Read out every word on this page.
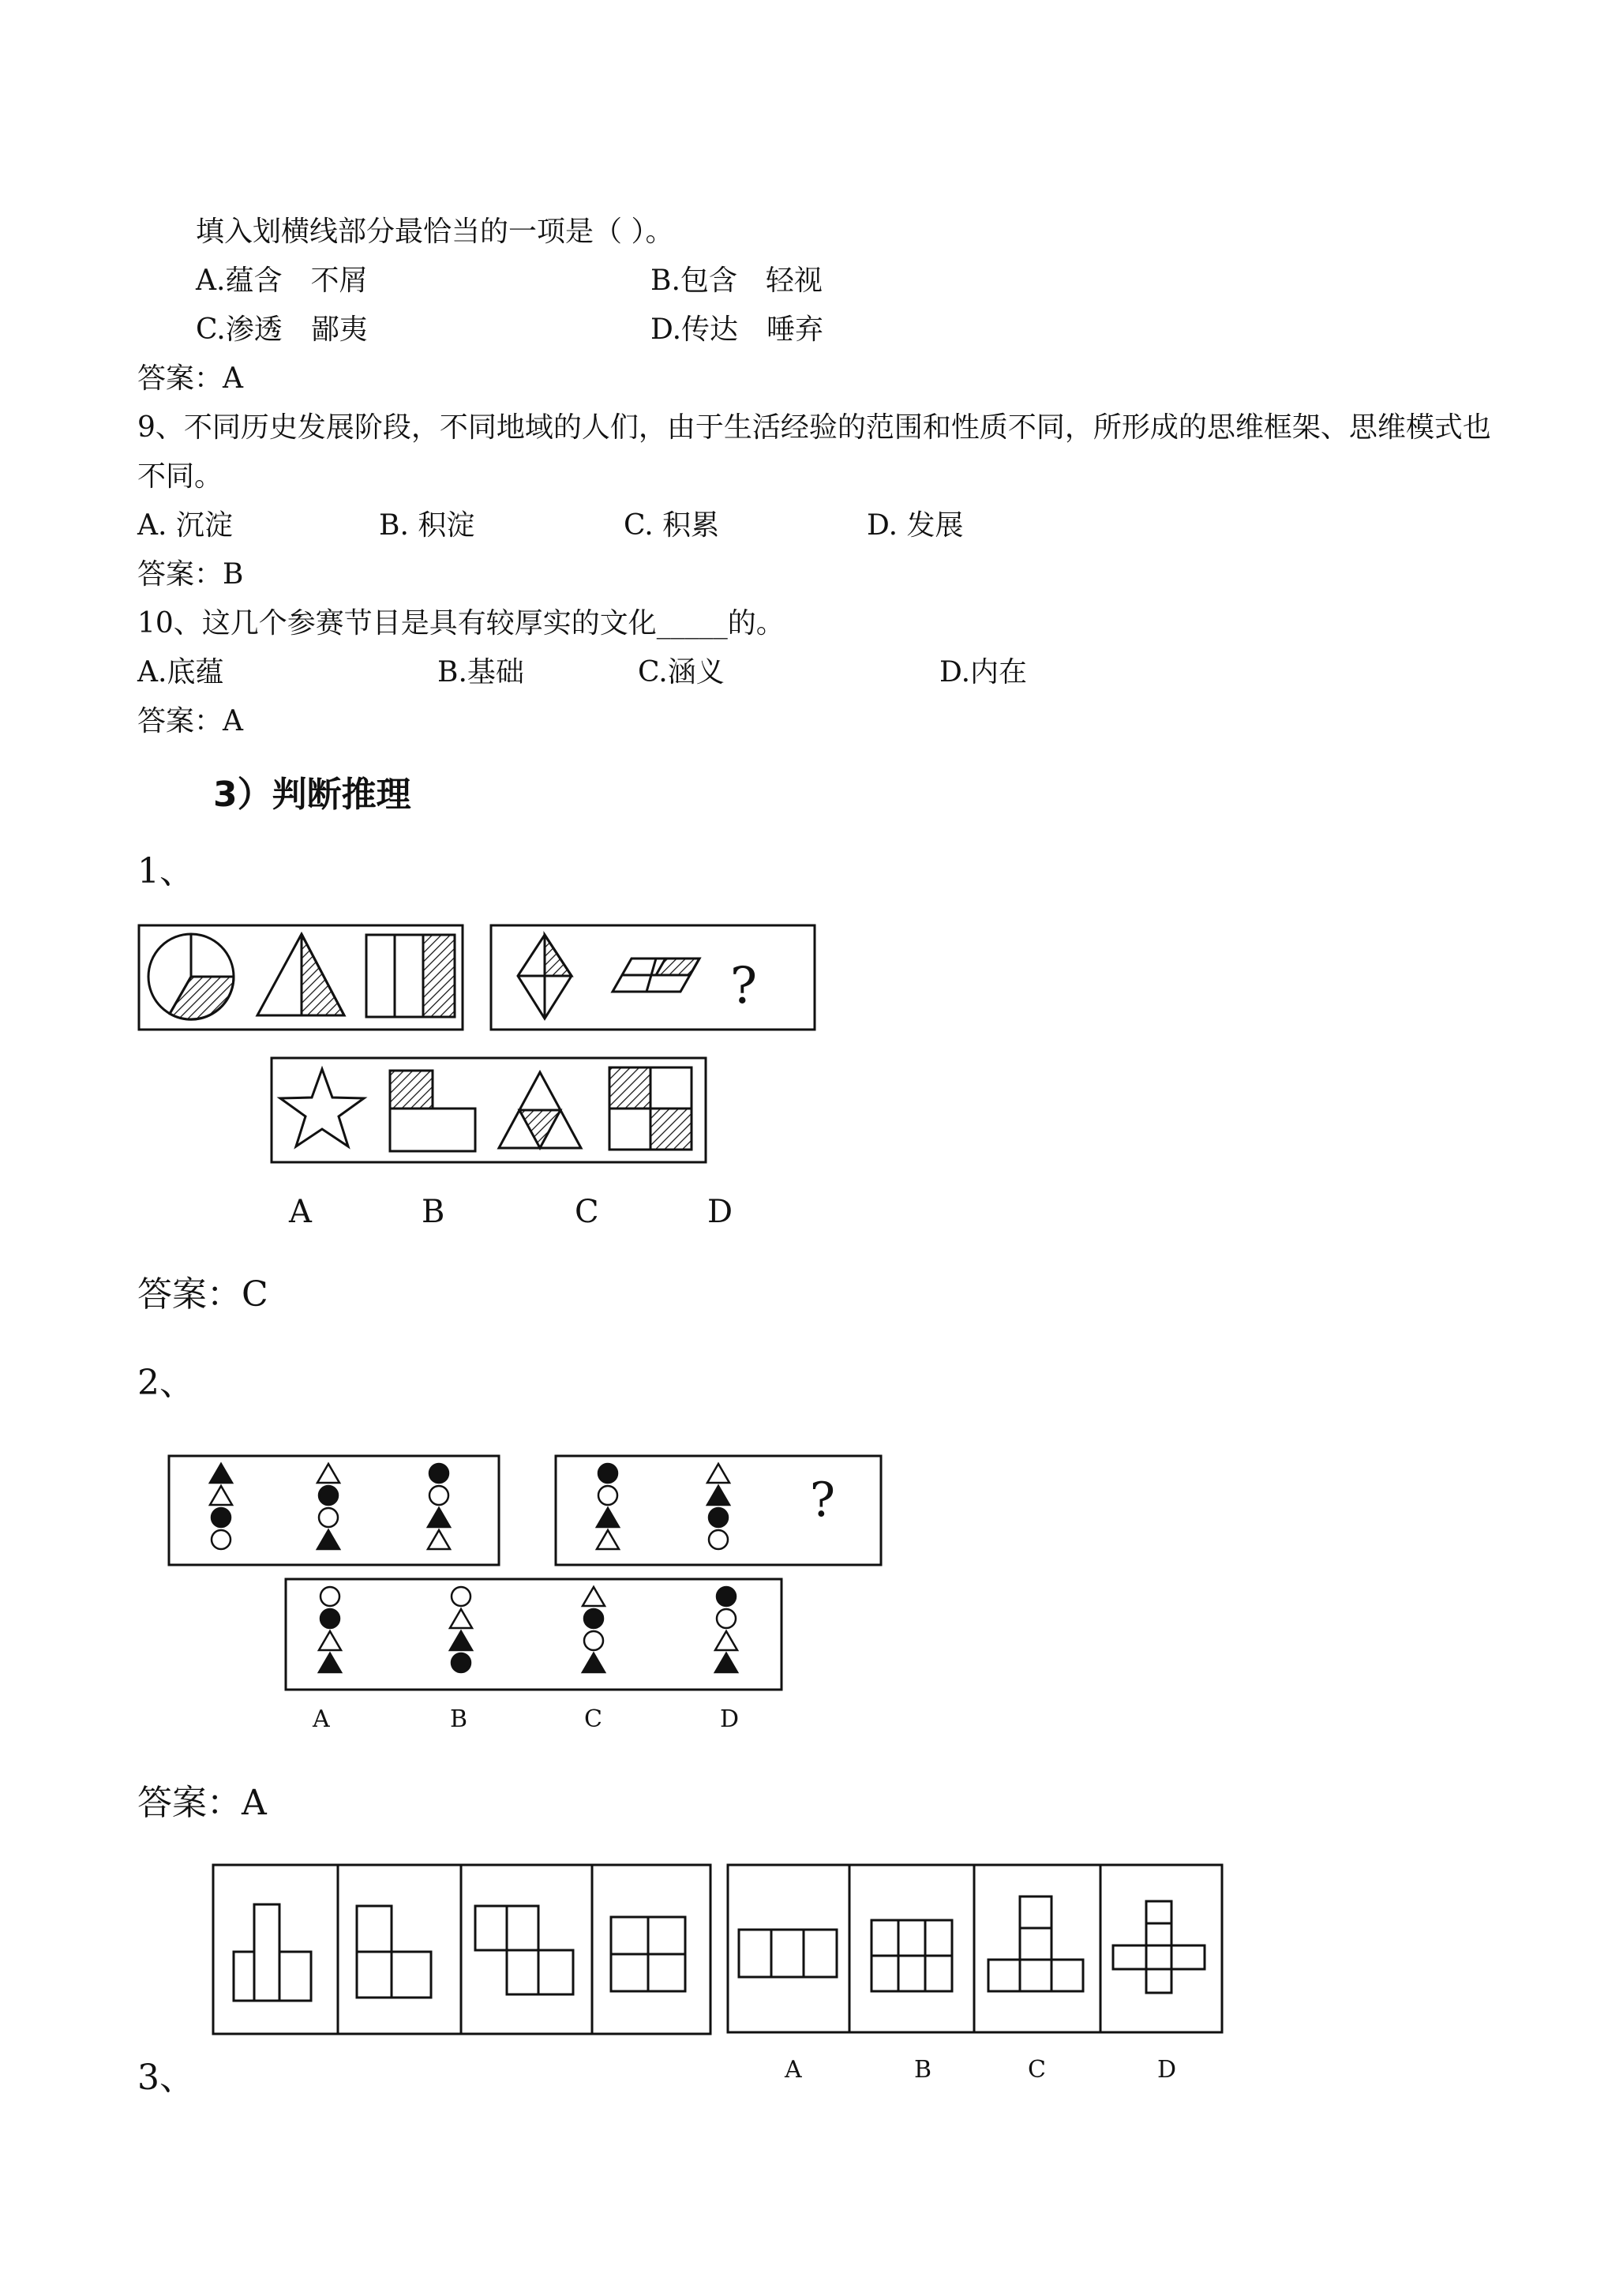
填入划横线部分最恰当的一项是（ ）。
A.蕴含　不屑	B.包含　轻视
C.渗透　鄙夷	D.传达　唾弃
答案：A
9、不同历史发展阶段，不同地域的人们，由于生活经验的范围和性质不同，所形成的思维框架、思维模式也
不同。
A. 沉淀	B. 积淀	C. 积累	D. 发展
答案：B
10、这几个参赛节目是具有较厚实的文化_____的。
A.底蕴	B.基础	C.涵义	D.内在
答案：A
3）判断推理
1、
?
A	B	C	D
答案：C
2、
?
A	B	C	D
答案：A
A	B	C	D
3、
